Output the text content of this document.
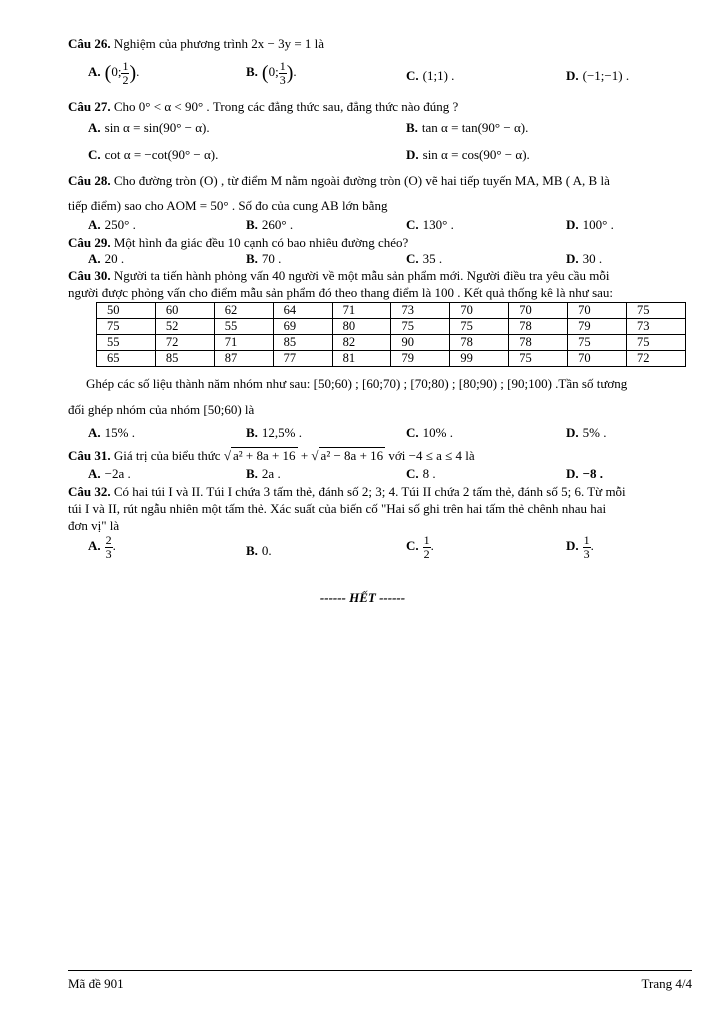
Câu 26. Nghiệm của phương trình 2x − 3y = 1 là
A. (0; $\frac{1}{2}$ ).	B. (0; $\frac{1}{3}$ ).	C. (1;1) .	D. (−1;−1) .
Câu 27. Cho 0° < α < 90° . Trong các đẳng thức sau, đẳng thức nào đúng ?
A. sin α = sin(90° − α).	B. tan α = tan(90° − α).
C. cot α = −cot(90° − α).	D. sin α = cos(90° − α).
Câu 28. Cho đường tròn (O) , từ điểm M nằm ngoài đường tròn (O) vẽ hai tiếp tuyến MA, MB ( A, B là
tiếp điểm) sao cho AOM = 50° . Số đo của cung AB lớn bằng
A. 250° .	B. 260° .	C. 130° .	D. 100° .
Câu 29. Một hình đa giác đều 10 cạnh có bao nhiêu đường chéo?
A. 20 .	B. 70 .	C. 35 .	D. 30 .
Câu 30. Người ta tiến hành phỏng vấn 40 người về một mẫu sản phẩm mới. Người điều tra yêu cầu mỗi
người được phỏng vấn cho điểm mẫu sản phẩm đó theo thang điểm là 100 . Kết quả thống kê là như sau:
50	60	62	64	71	73	70	70	70	75
75	52	55	69	80	75	75	78	79	73
55	72	71	85	82	90	78	78	75	75
65	85	87	77	81	79	99	75	70	72
Ghép các số liệu thành năm nhóm như sau: [50;60) ; [60;70) ; [70;80) ; [80;90) ; [90;100) .Tần số tương
đối ghép nhóm của nhóm [50;60) là
A. 15% .	B. 12,5% .	C. 10% .	D. 5% .
Câu 31. Giá trị của biểu thức √ a² + 8a + 16 + √ a² − 8a + 16 với −4 ≤ a ≤ 4 là
A. −2a .	B. 2a .	C. 8 .	D. −8 .
Câu 32. Có hai túi I và II. Túi I chứa 3 tấm thẻ, đánh số 2; 3; 4. Túi II chứa 2 tấm thẻ, đánh số 5; 6. Từ mỗi
túi I và II, rút ngẫu nhiên một tấm thẻ. Xác suất của biến cố "Hai số ghi trên hai tấm thẻ chênh nhau hai
đơn vị" là
A. $\frac{2}{3}$ .	B. 0.	C. $\frac{1}{2}$ .	D. $\frac{1}{3}$ .
------ HẾT ------
Mã đề 901	Trang 4/4
